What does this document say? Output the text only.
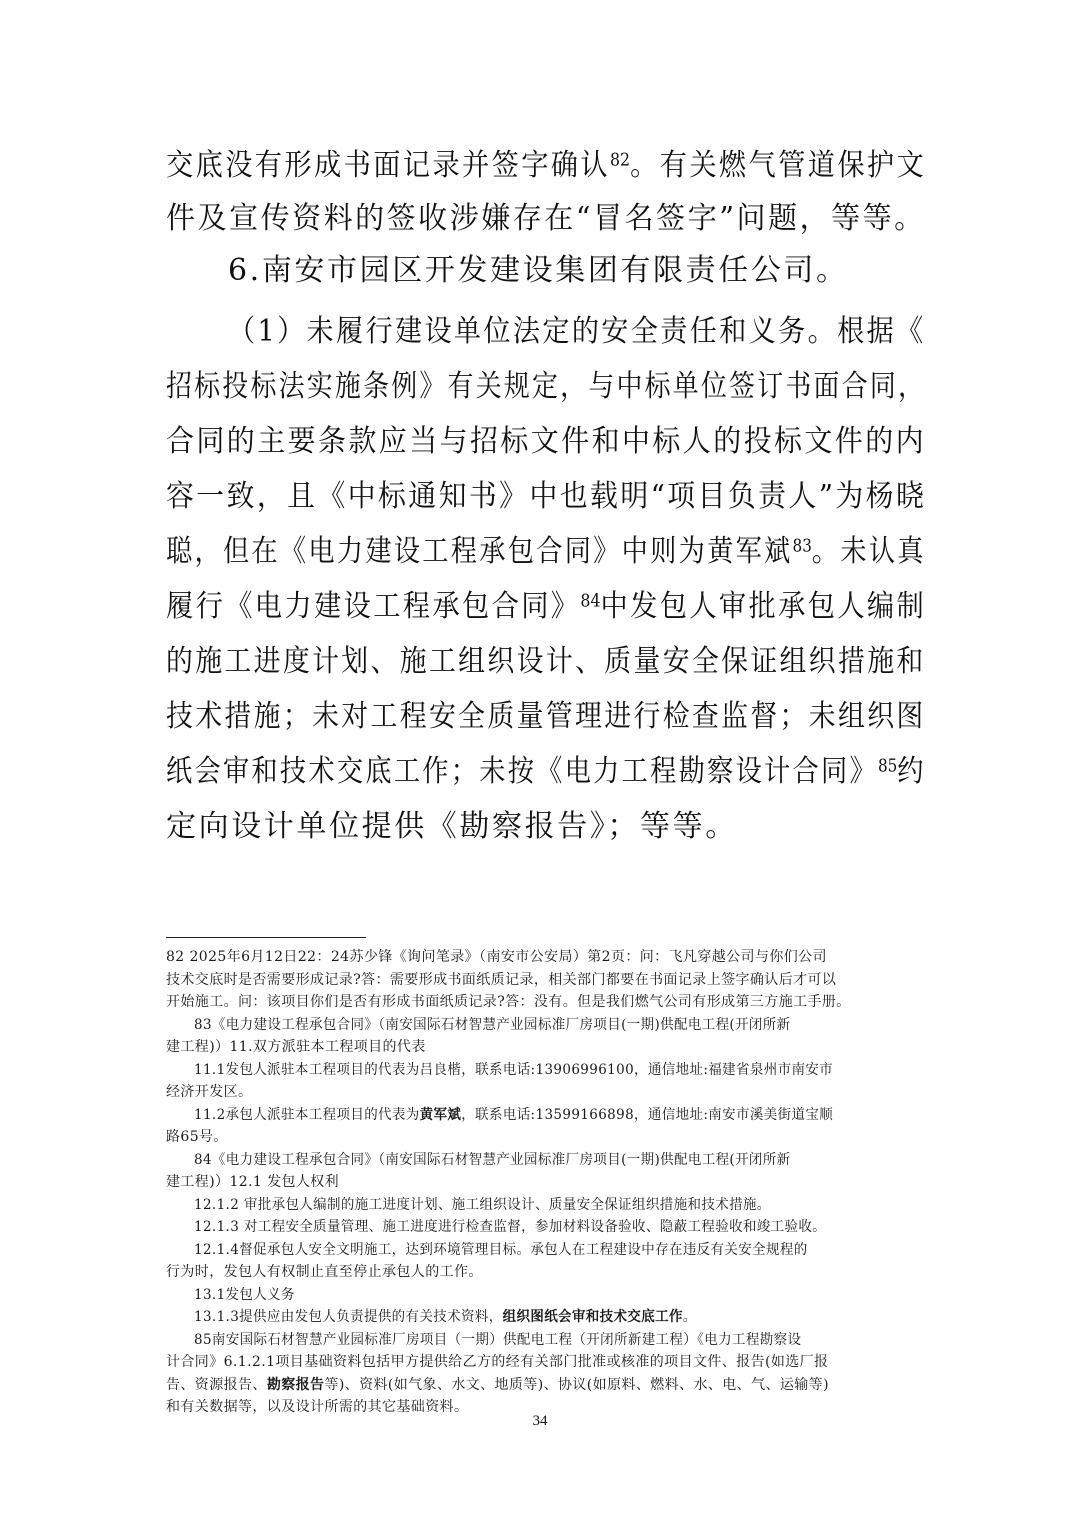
交底没有形成书面记录并签字确认$^{82}$。有关燃气管道保护文
件及宣传资料的签收涉嫌存在“冒名签字”问题，等等。
6.南安市园区开发建设集团有限责任公司。
（1）未履行建设单位法定的安全责任和义务。根据《
招标投标法实施条例》有关规定，与中标单位签订书面合同，
合同的主要条款应当与招标文件和中标人的投标文件的内
容一致，且《中标通知书》中也载明“项目负责人”为杨晓
聪，但在《电力建设工程承包合同》中则为黄军斌$^{83}$。未认真
履行《电力建设工程承包合同》$^{84}$中发包人审批承包人编制
的施工进度计划、施工组织设计、质量安全保证组织措施和
技术措施；未对工程安全质量管理进行检查监督；未组织图
纸会审和技术交底工作；未按《电力工程勘察设计合同》$^{85}$约
定向设计单位提供《勘察报告》；等等。
82 2025年6月12日22：24苏少锋《询问笔录》（南安市公安局）第2页：问：飞凡穿越公司与你们公司
技术交底时是否需要形成记录?答：需要形成书面纸质记录，相关部门都要在书面记录上签字确认后才可以
开始施工。问：该项目你们是否有形成书面纸质记录?答：没有。但是我们燃气公司有形成第三方施工手册。
83《电力建设工程承包合同》（南安国际石材智慧产业园标准厂房项目(一期)供配电工程(开闭所新
建工程)）11.双方派驻本工程项目的代表
11.1发包人派驻本工程项目的代表为吕良楷，联系电话:13906996100，通信地址:福建省泉州市南安市
经济开发区。
11.2承包人派驻本工程项目的代表为黄军斌，联系电话:13599166898，通信地址:南安市溪美街道宝顺
路65号。
84《电力建设工程承包合同》（南安国际石材智慧产业园标准厂房项目(一期)供配电工程(开闭所新
建工程)）12.1 发包人权利
12.1.2 审批承包人编制的施工进度计划、施工组织设计、质量安全保证组织措施和技术措施。
12.1.3 对工程安全质量管理、施工进度进行检查监督，参加材料设备验收、隐蔽工程验收和竣工验收。
12.1.4督促承包人安全文明施工，达到环境管理目标。承包人在工程建设中存在违反有关安全规程的
行为时，发包人有权制止直至停止承包人的工作。
13.1发包人义务
13.1.3提供应由发包人负责提供的有关技术资料，组织图纸会审和技术交底工作。
85南安国际石材智慧产业园标准厂房项目（一期）供配电工程（开闭所新建工程）《电力工程勘察设
计合同》6.1.2.1项目基础资料包括甲方提供给乙方的经有关部门批准或核准的项目文件、报告(如选厂报
告、资源报告、勘察报告等)、资料(如气象、水文、地质等)、协议(如原料、燃料、水、电、气、运输等)
和有关数据等，以及设计所需的其它基础资料。
34
